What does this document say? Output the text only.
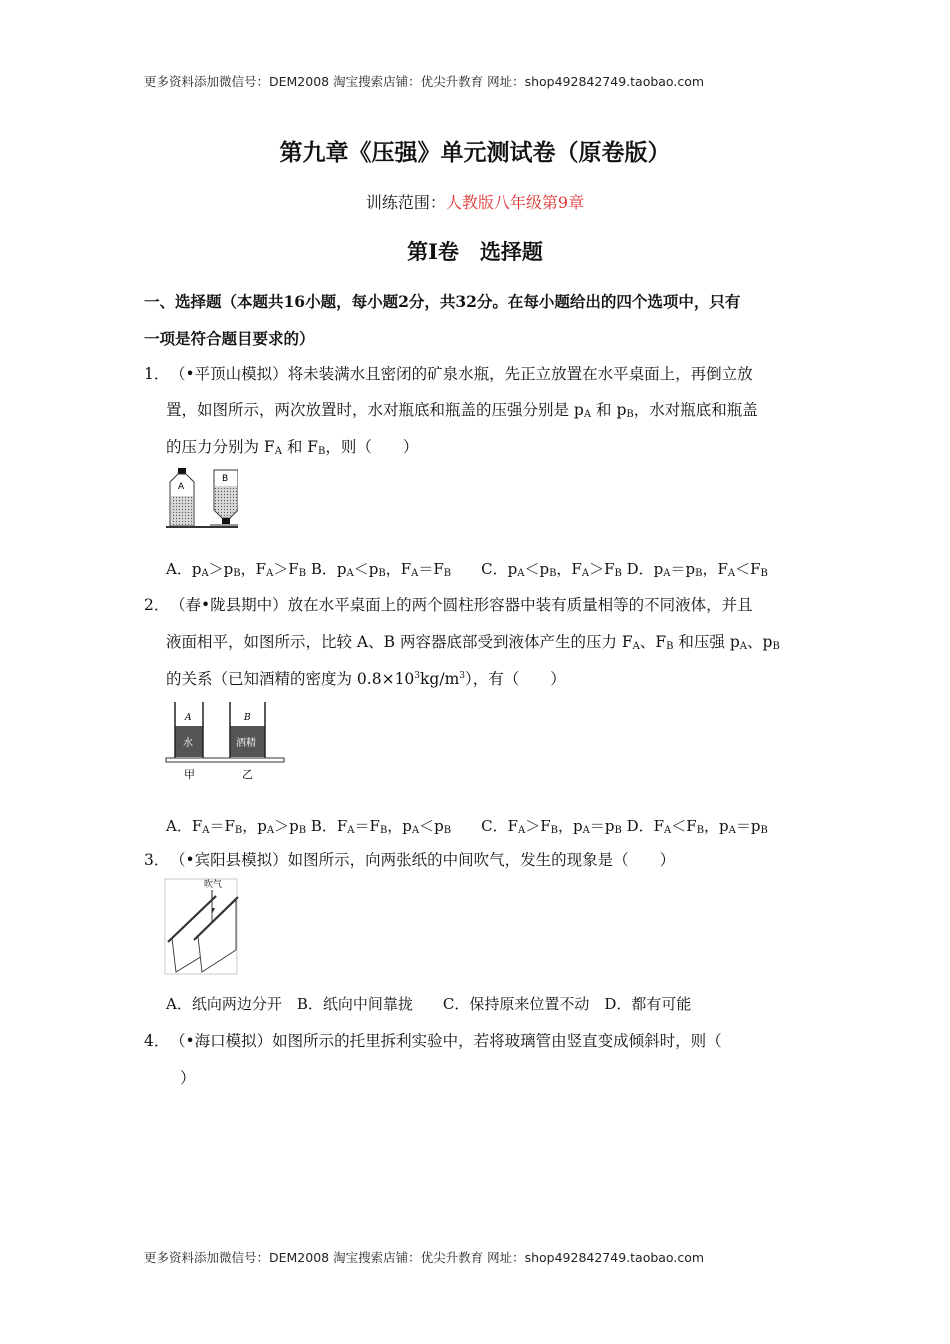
更多资料添加微信号：DEM2008 淘宝搜索店铺：优尖升教育 网址：shop492842749.taobao.com
第九章《压强》单元测试卷（原卷版）
训练范围：人教版八年级第9章
第Ⅰ卷　选择题
一、选择题（本题共16小题，每小题2分，共32分。在每小题给出的四个选项中，只有
一项是符合题目要求的）
1． （•平顶山模拟）将未装满水且密闭的矿泉水瓶，先正立放置在水平桌面上，再倒立放
置，如图所示，两次放置时，水对瓶底和瓶盖的压强分别是 $p_A$ 和 $p_B$，水对瓶底和瓶盖
的压力分别为 $F_A$ 和 $F_B$，则（　　）
A
B
A．$p_A>p_B$，$F_A>F_B$ B．$p_A<p_B$，$F_A=F_B$　　C．$p_A<p_B$，$F_A>F_B$ D．$p_A=p_B$，$F_A<F_B$
2． （春•陇县期中）放在水平桌面上的两个圆柱形容器中装有质量相等的不同液体，并且
液面相平，如图所示，比较 A、B 两容器底部受到液体产生的压力 $F_A$、$F_B$ 和压强 $p_A$、$p_B$
的关系（已知酒精的密度为 $0.8\times 10^3kg/m^3$），有（　　）
A
水
B
酒精
甲	乙
A．$F_A=F_B$，$p_A>p_B$ B．$F_A=F_B$，$p_A<p_B$　　C．$F_A>F_B$，$p_A=p_B$ D．$F_A<F_B$，$p_A=p_B$
3． （•宾阳县模拟）如图所示，向两张纸的中间吹气，发生的现象是（　　）
吹气
A．纸向两边分开　B．纸向中间靠拢　　C．保持原来位置不动　D．都有可能
4． （•海口模拟）如图所示的托里拆利实验中，若将玻璃管由竖直变成倾斜时，则（
）
更多资料添加微信号：DEM2008 淘宝搜索店铺：优尖升教育 网址：shop492842749.taobao.com
